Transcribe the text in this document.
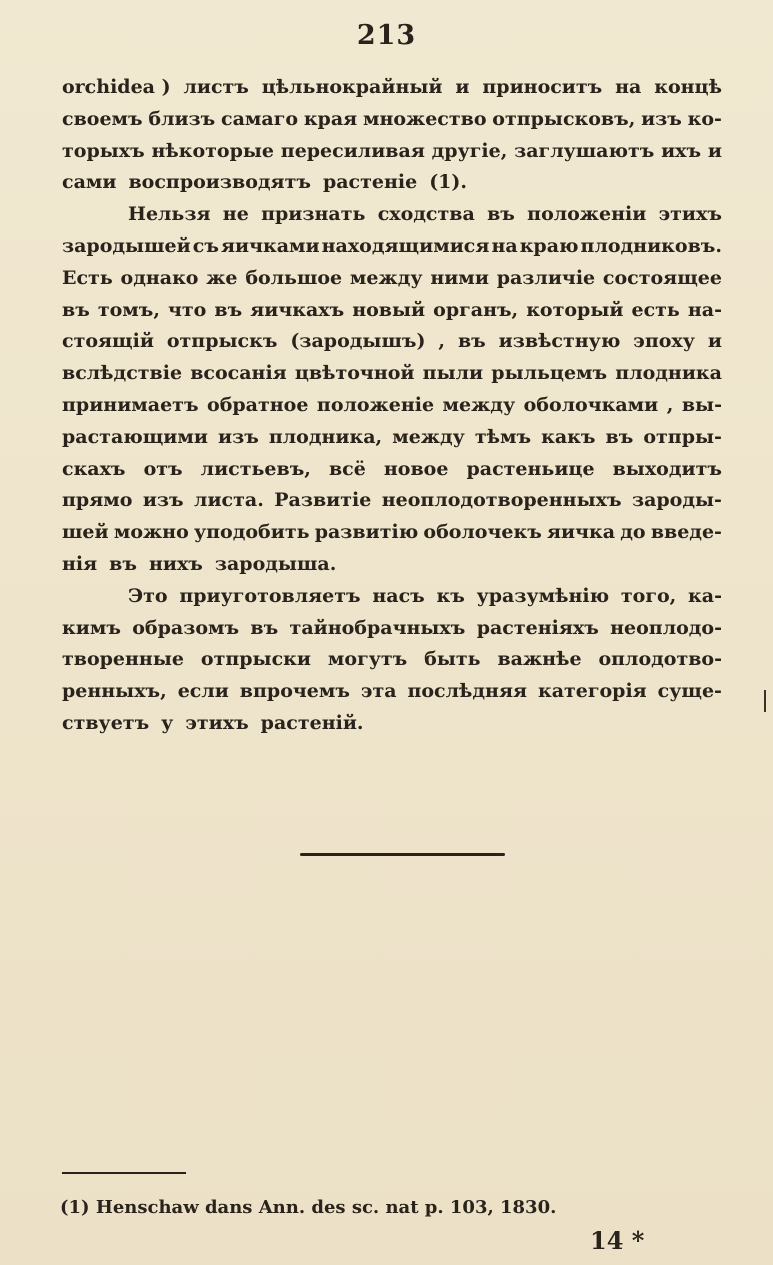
213
orchidea ) листъ цѣльнокрайный и приноситъ на концѣ
своемъ близъ самаго края множество отпрысковъ, изъ ко-
торыхъ нѣкоторые пересиливая другіе, заглушаютъ ихъ и
сами воспроизводятъ растеніе (1).
Нельзя не признать сходства въ положеніи этихъ
зародышей съ яичками находящимися на краю плодниковъ.
Есть однако же большое между ними различіе состоящее
въ томъ, что въ яичкахъ новый органъ, который есть на-
стоящій отпрыскъ (зародышъ) , въ извѣстную эпоху и
вслѣдствіе всосанія цвѣточной пыли рыльцемъ плодника
принимаетъ обратное положеніе между оболочками , вы-
растающими изъ плодника, между тѣмъ какъ въ отпры-
скахъ отъ листьевъ, всё новое растеньице выходитъ
прямо изъ листа. Развитіе неоплодотворенныхъ зароды-
шей можно уподобить развитію оболочекъ яичка до введе-
нія въ нихъ зародыша.
Это приуготовляетъ насъ къ уразумѣнію того, ка-
кимъ образомъ въ тайнобрачныхъ растеніяхъ неоплодо-
творенные отпрыски могутъ быть важнѣе оплодотво-
ренныхъ, если впрочемъ эта послѣдняя категорія суще-
ствуетъ у этихъ растеній.
(1) Henschaw dans Ann. des sc. nat p. 103, 1830.
14 *
